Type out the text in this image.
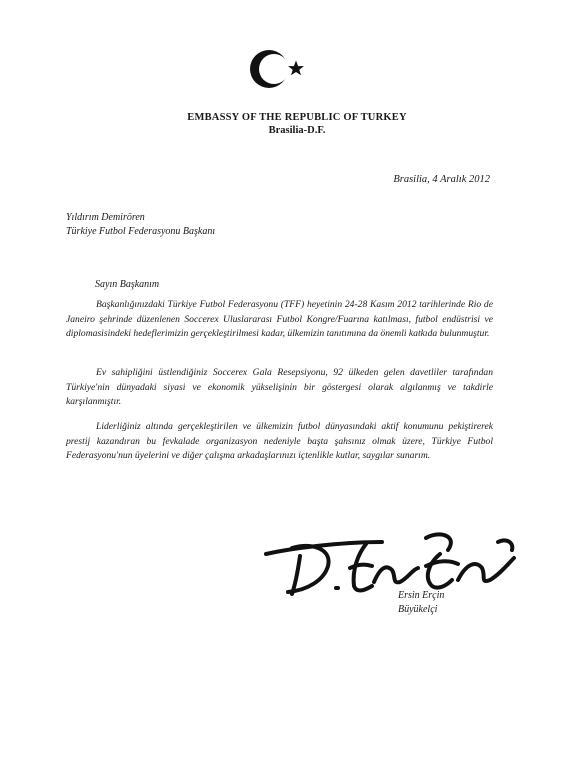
EMBASSY OF THE REPUBLIC OF TURKEY
Brasilia-D.F.
Brasilia, 4 Aralık 2012
Yıldırım Demirören
Türkiye Futbol Federasyonu Başkanı
Sayın Başkanım

Başkanlığınızdaki Türkiye Futbol Federasyonu (TFF) heyetinin 24-28 Kasım 2012 tarihlerinde Rio de Janeiro şehrinde düzenlenen Soccerex Uluslararası Futbol Kongre/Fuarına katılması, futbol endüstrisi ve diplomasisindeki hedeflerimizin gerçekleştirilmesi kadar, ülkemizin tanıtımına da önemli katkıda bulunmuştur.

Ev sahipliğini üstlendiğiniz Soccerex Gala Resepsiyonu, 92 ülkeden gelen davetliler tarafından Türkiye'nin dünyadaki siyasi ve ekonomik yükselişinin bir göstergesi olarak algılanmış ve takdirle karşılanmıştır.

Liderliğiniz altında gerçekleştirilen ve ülkemizin futbol dünyasındaki aktif konumunu pekiştirerek prestij kazandıran bu fevkalade organizasyon nedeniyle başta şahsınız olmak üzere, Türkiye Futbol Federasyonu'nun üyelerini ve diğer çalışma arkadaşlarınızı içtenlikle kutlar, saygılar sunarım.

Ersin Erçin
Büyükelçi
